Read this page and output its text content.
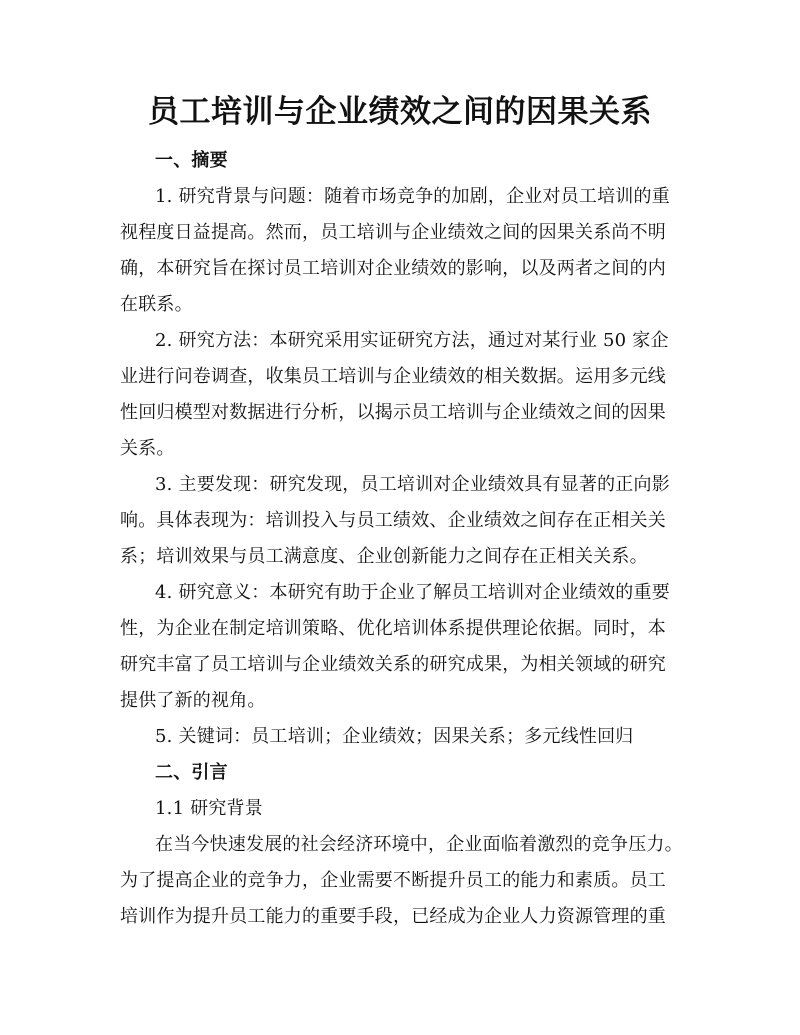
员工培训与企业绩效之间的因果关系
一、摘要
1. 研究背景与问题：随着市场竞争的加剧，企业对员工培训的重
视程度日益提高。然而，员工培训与企业绩效之间的因果关系尚不明
确，本研究旨在探讨员工培训对企业绩效的影响，以及两者之间的内
在联系。
2. 研究方法：本研究采用实证研究方法，通过对某行业 50 家企
业进行问卷调查，收集员工培训与企业绩效的相关数据。运用多元线
性回归模型对数据进行分析，以揭示员工培训与企业绩效之间的因果
关系。
3. 主要发现：研究发现，员工培训对企业绩效具有显著的正向影
响。具体表现为：培训投入与员工绩效、企业绩效之间存在正相关关
系；培训效果与员工满意度、企业创新能力之间存在正相关关系。
4. 研究意义：本研究有助于企业了解员工培训对企业绩效的重要
性，为企业在制定培训策略、优化培训体系提供理论依据。同时，本
研究丰富了员工培训与企业绩效关系的研究成果，为相关领域的研究
提供了新的视角。
5. 关键词：员工培训；企业绩效；因果关系；多元线性回归
二、引言
1.1 研究背景
在当今快速发展的社会经济环境中，企业面临着激烈的竞争压力。
为了提高企业的竞争力，企业需要不断提升员工的能力和素质。员工
培训作为提升员工能力的重要手段，已经成为企业人力资源管理的重
